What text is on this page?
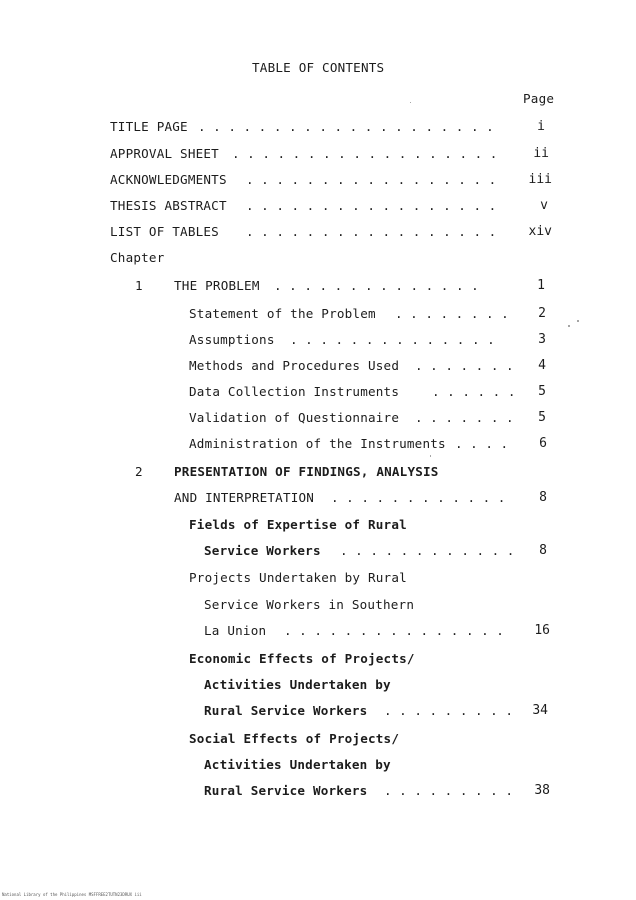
TABLE OF CONTENTS
Page
TITLE PAGE . . . . . . . . . . . . . . . . . . . .	i
APPROVAL SHEET . . . . . . . . . . . . . . . . . .	ii
ACKNOWLEDGMENTS . . . . . . . . . . . . . . . . .	iii
THESIS ABSTRACT . . . . . . . . . . . . . . . . .	v
LIST OF TABLES . . . . . . . . . . . . . . . . .	xiv
Chapter
1 THE PROBLEM . . . . . . . . . . . . . .	1
Statement of the Problem . . . . . . . .	2
Assumptions . . . . . . . . . . . . . .	3
Methods and Procedures Used . . . . . . .	4
Data Collection Instruments	. . . . . .	5
Validation of Questionnaire . . . . . . .	5
Administration of the Instruments . . . .	6
2 PRESENTATION OF FINDINGS, ANALYSIS
AND INTERPRETATION . . . . . . . . . . . .	8
Fields of Expertise of Rural
Service Workers . . . . . . . . . . . .	8
Projects Undertaken by Rural
Service Workers in Southern
La Union . . . . . . . . . . . . . . .	16
Economic Effects of Projects/
Activities Undertaken by
Rural Service Workers . . . . . . . . .	34
Social Effects of Projects/
Activities Undertaken by
Rural Service Workers . . . . . . . . .	38
National Library of the Philippines MSFFREE2TUTN23DRUX iii
